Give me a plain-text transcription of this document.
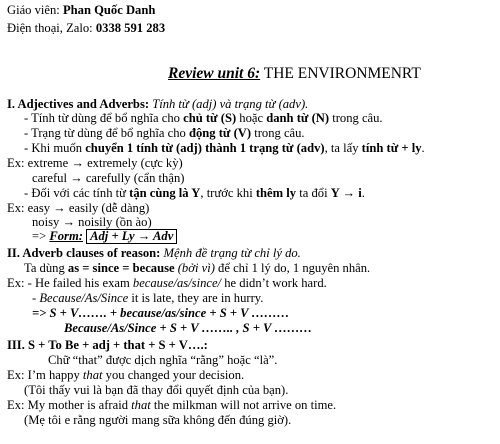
Giáo viên: Phan Quốc Danh
Điện thoại, Zalo: 0338 591 283
Review unit 6: THE ENVIRONMENRT
I. Adjectives and Adverbs: Tính từ (adj) và trạng từ (adv).
- Tính từ dùng để bổ nghĩa cho chủ từ (S) hoặc danh từ (N) trong câu.
- Trạng từ dùng để bổ nghĩa cho động từ (V) trong câu.
- Khi muốn chuyển 1 tính từ (adj) thành 1 trạng từ (adv), ta lấy tính từ + ly.
Ex: extreme → extremely (cực kỳ)
careful → carefully (cẩn thận)
- Đối với các tính từ tận cùng là Y, trước khi thêm ly ta đổi Y → i.
Ex: easy → easily (dễ dàng)
noisy → noisily (ồn ào)
=> Form: Adj + Ly → Adv
II. Adverb clauses of reason: Mệnh đề trạng từ chỉ lý do.
Ta dùng as = since = because (bởi vì) để chỉ 1 lý do, 1 nguyên nhân.
Ex: - He failed his exam because/as/since/ he didn’t work hard.
- Because/As/Since it is late, they are in hurry.
=> S + V……. + because/as/since + S + V ………
Because/As/Since + S + V …….. , S + V ………
III. S + To Be + adj + that + S + V….:
Chữ “that” được dịch nghĩa “rằng” hoặc “là”.
Ex: I’m happy that you changed your decision.
(Tôi thấy vui là bạn đã thay đổi quyết định của bạn).
Ex: My mother is afraid that the milkman will not arrive on time.
(Mẹ tôi e rằng người mang sữa không đến đúng giờ).
